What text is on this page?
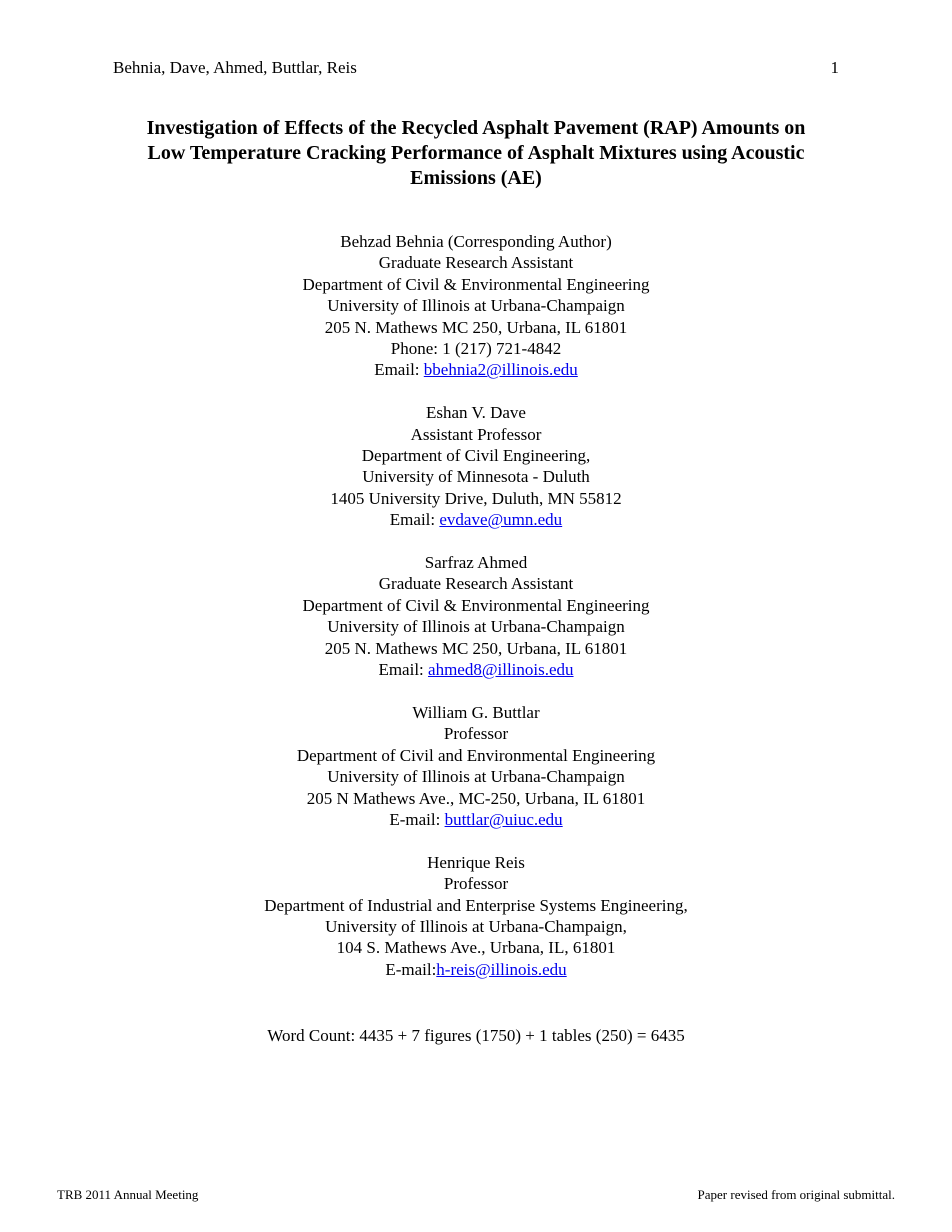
Behnia, Dave, Ahmed, Buttlar, Reis	1
Investigation of Effects of the Recycled Asphalt Pavement (RAP) Amounts on
Low Temperature Cracking Performance of Asphalt Mixtures using Acoustic
Emissions (AE)
Behzad Behnia (Corresponding Author)
Graduate Research Assistant
Department of Civil & Environmental Engineering
University of Illinois at Urbana-Champaign
205 N. Mathews MC 250, Urbana, IL 61801
Phone: 1 (217) 721-4842
Email: bbehnia2@illinois.edu
Eshan V. Dave
Assistant Professor
Department of Civil Engineering,
University of Minnesota - Duluth
1405 University Drive, Duluth, MN 55812
Email: evdave@umn.edu
Sarfraz Ahmed
Graduate Research Assistant
Department of Civil & Environmental Engineering
University of Illinois at Urbana-Champaign
205 N. Mathews MC 250, Urbana, IL 61801
Email: ahmed8@illinois.edu
William G. Buttlar
Professor
Department of Civil and Environmental Engineering
University of Illinois at Urbana-Champaign
205 N Mathews Ave., MC-250, Urbana, IL 61801
E-mail: buttlar@uiuc.edu
Henrique Reis
Professor
Department of Industrial and Enterprise Systems Engineering,
University of Illinois at Urbana-Champaign,
104 S. Mathews Ave., Urbana, IL, 61801
E-mail:h-reis@illinois.edu
Word Count: 4435 + 7 figures (1750) + 1 tables (250) = 6435
TRB 2011 Annual Meeting	Paper revised from original submittal.
